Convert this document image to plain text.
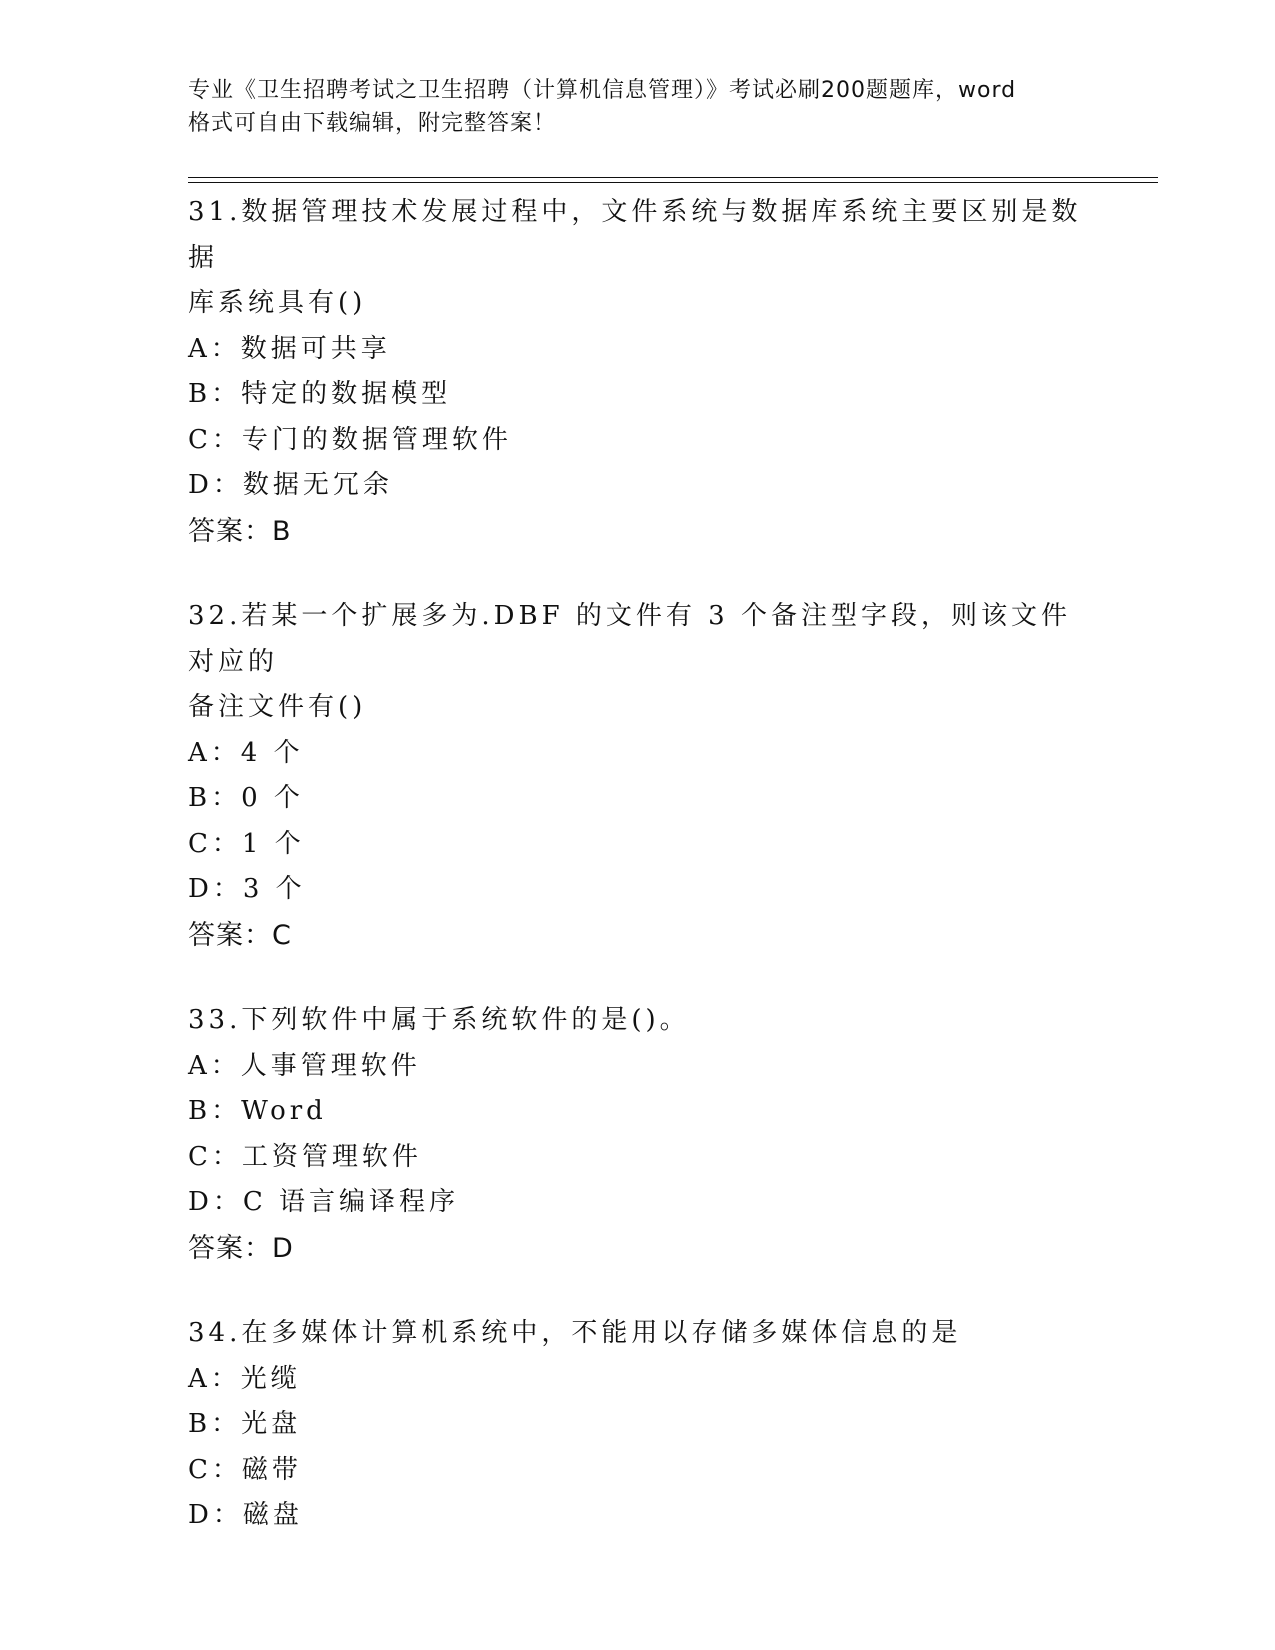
专业《卫生招聘考试之卫生招聘（计算机信息管理）》考试必刷200题题库，word
格式可自由下载编辑，附完整答案！

31.数据管理技术发展过程中，文件系统与数据库系统主要区别是数据

库系统具有()

A：数据可共享

B：特定的数据模型

C：专门的数据管理软件

D：数据无冗余

答案：B

32.若某一个扩展多为.DBF 的文件有 3 个备注型字段，则该文件对应的

备注文件有()

A：4 个

B：0 个

C：1 个

D：3 个

答案：C

33.下列软件中属于系统软件的是()。

A：人事管理软件

B：Word

C：工资管理软件

D：C 语言编译程序

答案：D

34.在多媒体计算机系统中，不能用以存储多媒体信息的是

A：光缆

B：光盘

C：磁带

D：磁盘
